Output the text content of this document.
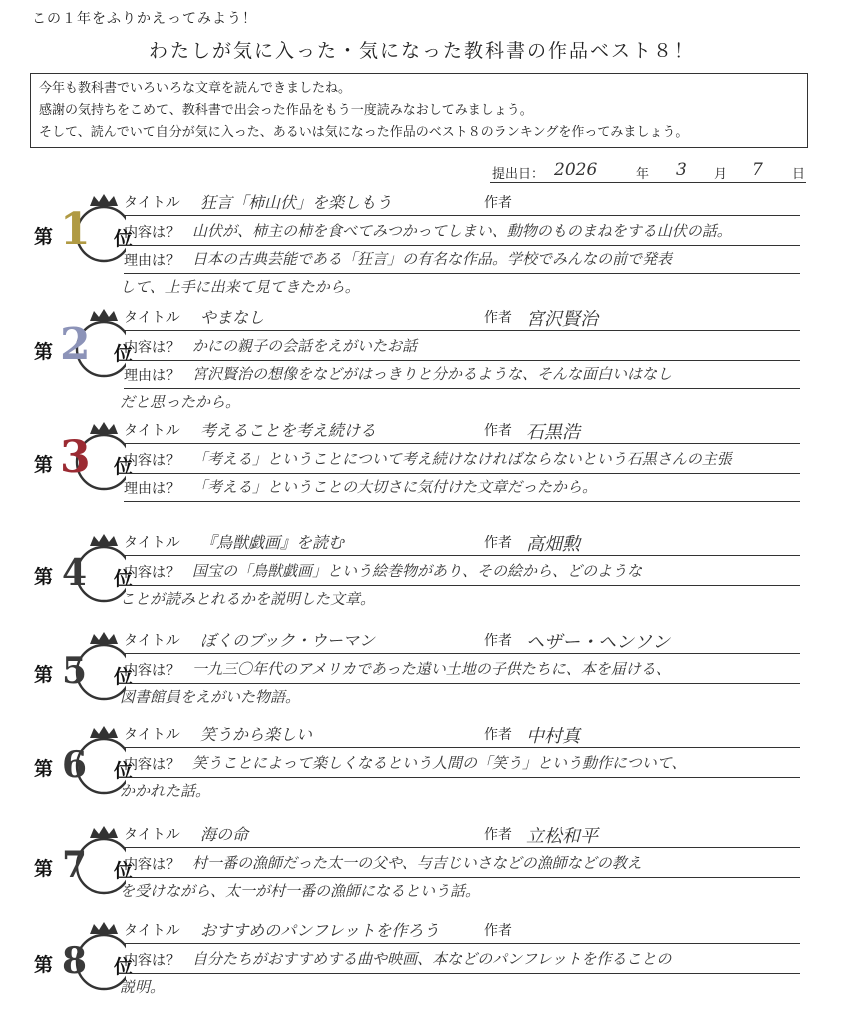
この１年をふりかえってみよう！
わたしが気に入った・気になった教科書の作品ベスト８！
今年も教科書でいろいろな文章を読んできましたね。
感謝の気持ちをこめて、教科書で出会った作品をもう一度読みなおしてみましょう。
そして、読んでいて自分が気に入った、あるいは気になった作品のベスト８のランキングを作ってみましょう。
提出日： 2026	年 3 月 7 日
第 1 位
タイトル 狂言「柿山伏」を楽しもう	作者
内容は？ 山伏が、柿主の柿を食べてみつかってしまい、動物のものまねをする山伏の話。
理由は？ 日本の古典芸能である「狂言」の有名な作品。学校でみんなの前で発表
して、上手に出来て見てきたから。
第 2 位
タイトル やまなし	作者 宮沢賢治
内容は？ かにの親子の会話をえがいたお話
理由は？ 宮沢賢治の想像をなどがはっきりと分かるような、そんな面白いはなし
だと思ったから。
第 3 位
タイトル 考えることを考え続ける	作者 石黒浩
内容は？ 「考える」ということについて考え続けなければならないという石黒さんの主張
理由は？ 「考える」ということの大切さに気付けた文章だったから。
第 4 位
タイトル 『鳥獣戯画』を読む	作者 高畑勲
内容は？ 国宝の「鳥獣戯画」という絵巻物があり、その絵から、どのような
ことが読みとれるかを説明した文章。
第 5 位
タイトル ぼくのブック・ウーマン	作者 ヘザー・ヘンソン
内容は？ 一九三〇年代のアメリカであった遠い土地の子供たちに、本を届ける、
図書館員をえがいた物語。
第 6 位
タイトル 笑うから楽しい	作者 中村真
内容は？ 笑うことによって楽しくなるという人間の「笑う」という動作について、
かかれた話。
第 7 位
タイトル 海の命	作者 立松和平
内容は？ 村一番の漁師だった太一の父や、与吉じいさなどの漁師などの教え
を受けながら、太一が村一番の漁師になるという話。
第 8 位
タイトル おすすめのパンフレットを作ろう	作者
内容は？ 自分たちがおすすめする曲や映画、本などのパンフレットを作ることの
説明。
